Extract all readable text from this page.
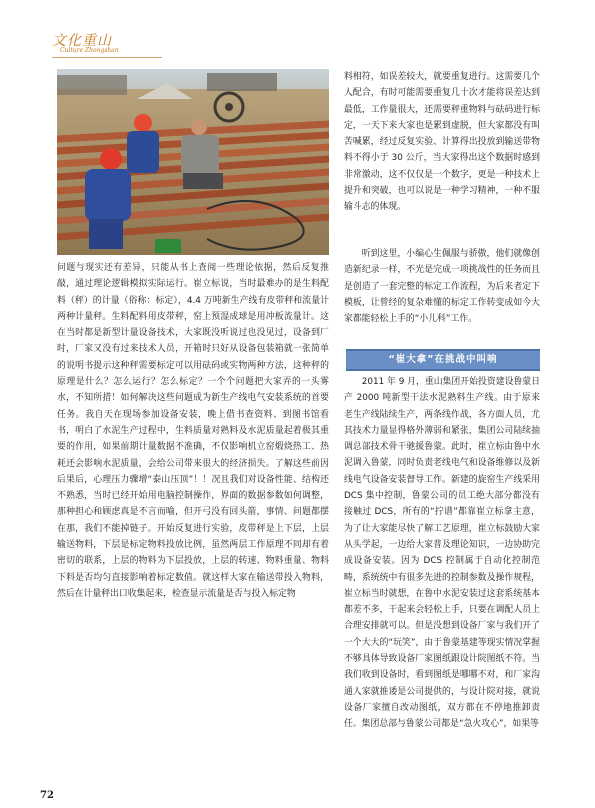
文化重山
Culture Zhongshan

问题与现实还有差异，只能从书上查阅一些理论依据，然后反复推敲，通过理论逻辑模拟实际运行。崔立标说，当时最难办的是生料配料（秤）的计量（俗称：标定），4.4 万吨新生产线有皮带秤和流量计两种计量秤。生料配料用皮带秤，窑上预湿成球是用冲板流量计。这在当时都是新型计量设备技术，大家既没听说过也没见过，设备到厂时，厂家又没有过来技术人员，开箱时只好从设备包装箱就一张简单的说明书提示这种秤需要标定可以用砝码或实物两种方法，这种秤的原理是什么？怎么运行？怎么标定？一个个问题把大家弄的一头雾水，不知所措！如何解决这些问题成为新生产线电气安装系统的首要任务。我自天在现场参加设备安装，晚上借书查资料、到图书馆看书，明白了水泥生产过程中，生料质量对熟料及水泥质量起着极其重要的作用，如果前期计量数据不准确，不仅影响机立窑煅烧热工、热耗还会影响水泥质量，会给公司带来很大的经济损失。了解这些前因后果后，心理压力骤增“泰山压顶”！！况且我们对设备性能、结构还不熟悉，当时已经开始用电脑控制操作，界面的数据参数如何调整，那种担心和顾虑真是不言而喻，但开弓没有回头箭，事情、问题都摆在那，我们不能掉链子。开始反复进行实验，皮带秤是上下层，上层输送物料，下层是标定物料投放比例，虽然两层工作原理不同却有着密切的联系，上层的物料为下层投放，上层的转速、物料重量、物料下料是否均匀直接影响着标定数值。就这样大家在输送带投入物料，然后在计量秤出口收集起来，检查显示流量是否与投入标定物

料相符，如误差较大，就要重复进行。这需要几个人配合，有时可能需要重复几十次才能将误差达到最低，工作量很大，还需要秤重物料与砝码进行标定，一天下来大家也是累到虚脱，但大家都没有叫苦喊累，经过反复实验、计算得出投放到输送带物料不得小于 30 公斤，当大家得出这个数据时感到非常激动，这不仅仅是一个数字，更是一种技术上提升和突破，也可以说是一种学习精神，一种不服输斗志的体现。

听到这里，小编心生佩服与骄傲，他们就像创造新纪录一样，不光是完成一项挑战性的任务而且是创造了一套完整的标定工作流程，为后来者定下模板，让曾经的复杂难懂的标定工作转变成如今大家都能轻松上手的“小儿科”工作。

“崔大拿”在挑战中叫响

2011 年 9 月，重山集团开始投资建设鲁蒙日产 2000 吨新型干法水泥熟料生产线。由于原来老生产线陆续生产，两条线作战，各方面人员，尤其技术力量显得格外薄弱和紧张，集团公司陆续抽调总部技术骨干驰援鲁蒙。此时，崔立标由鲁中水泥调入鲁蒙，同时负责老线电气和设备维修以及新线电气设备安装督导工作。新建的旋窑生产线采用 DCS 集中控制，鲁蒙公司的员工绝大部分都没有接触过 DCS，所有的“拧谱”都靠崔立标拿主意，为了让大家能尽快了解工艺原理，崔立标鼓励大家从头学起，一边给大家普及理论知识，一边协助完成设备安装。因为 DCS 控制属于自动化控制范畴，系统统中有很多先进的控制参数及操作规程，崔立标当时就想，在鲁中水泥安装过这套系统基本都差不多，干起来会轻松上手，只要在调配人员上合理安排就可以。但是没想到设备厂家与我们开了一个大大的“玩笑”，由于鲁蒙基建等现实情况掌握不够具体导致设备厂家图纸跟设计院图纸不符。当我们收到设备时，看到图纸是哪哪不对，和厂家沟通人家就推诿是公司提供的，与设计院对接，就说设备厂家擅自改动图纸，双方都在不停地推卸责任。集团总部与鲁蒙公司都是“急火攻心”，如果等

72
